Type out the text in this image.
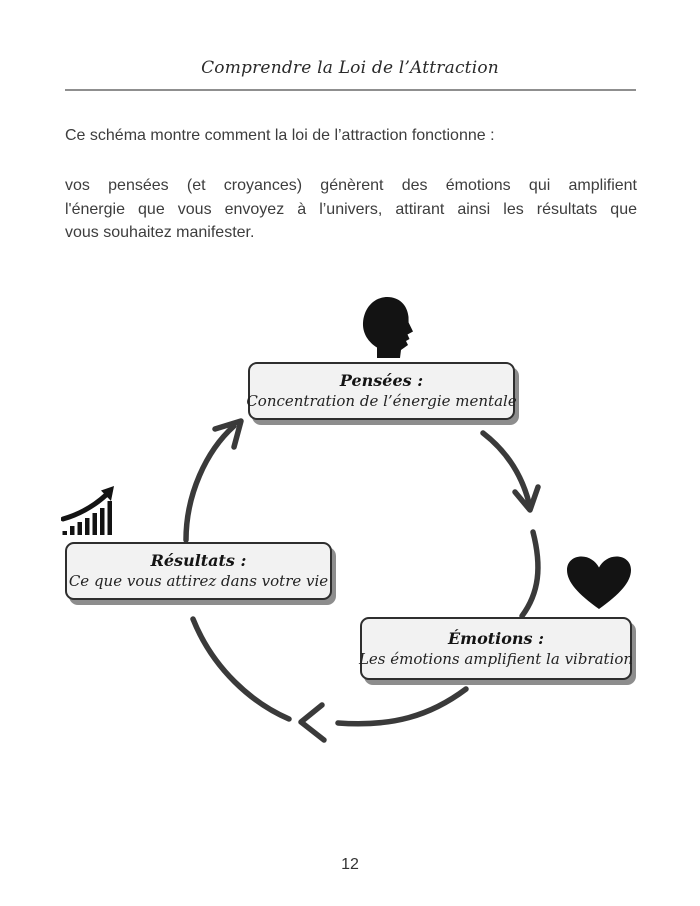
Comprendre la Loi de l’Attraction
Ce schéma montre comment la loi de l’attraction fonctionne :
vos pensées (et croyances) génèrent des émotions qui amplifient
l'énergie que vous envoyez à l’univers, attirant ainsi les résultats que
vous souhaitez manifester.
Pensées :
Concentration de l’énergie mentale
Résultats :
Ce que vous attirez dans votre vie
Émotions :
Les émotions amplifient la vibration
12
